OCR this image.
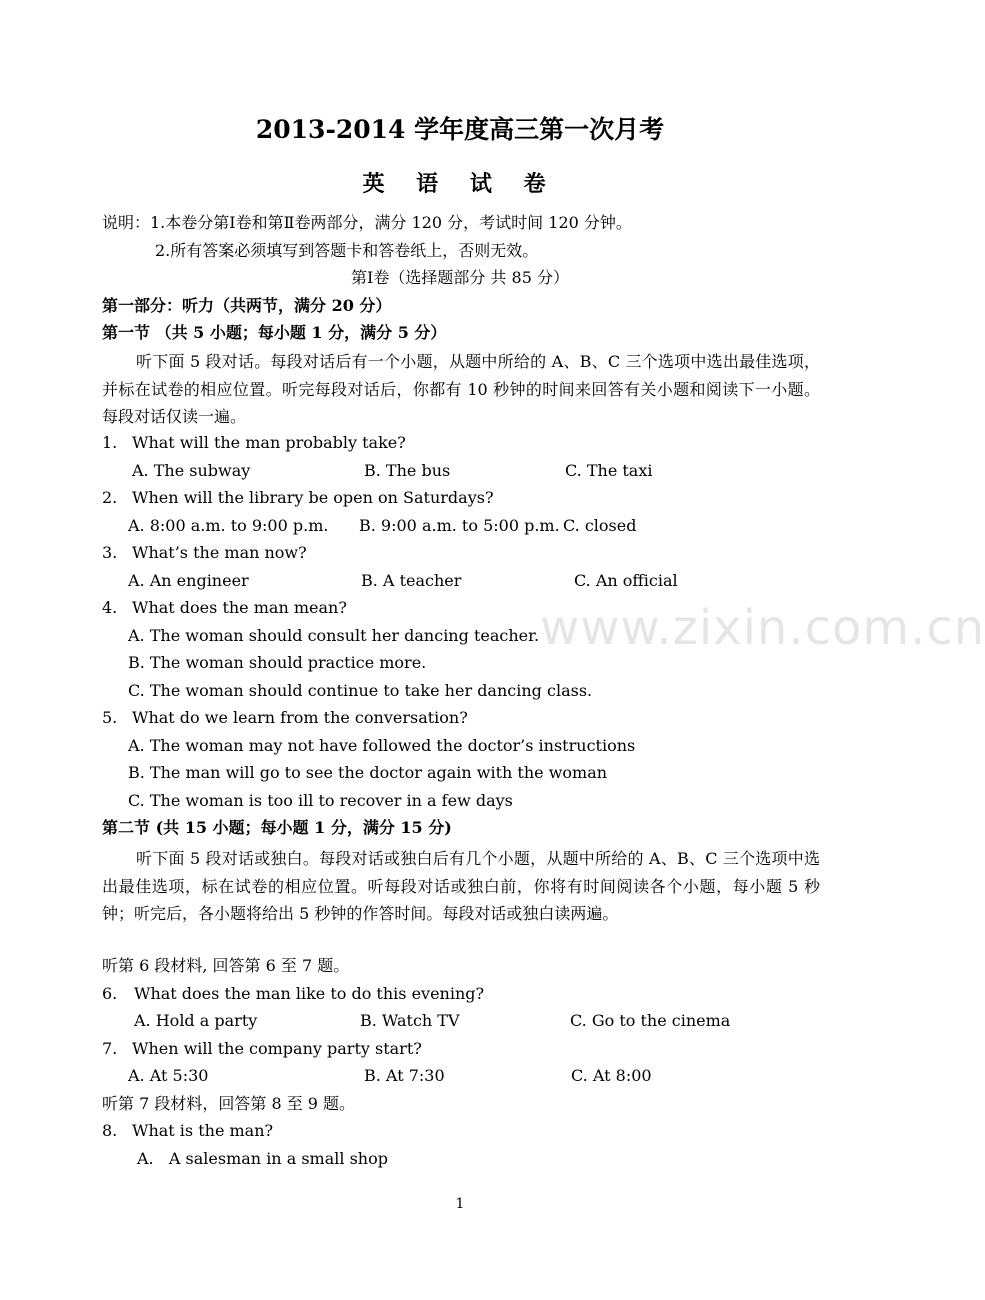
2013-2014 学年度高三第一次月考
英 语 试 卷
说明：1.本卷分第Ⅰ卷和第Ⅱ卷两部分，满分 120 分，考试时间 120 分钟。
2.所有答案必须填写到答题卡和答卷纸上，否则无效。
第Ⅰ卷（选择题部分 共 85 分）
第一部分：听力（共两节，满分 20 分）
第一节 （共 5 小题；每小题 1 分，满分 5 分）
听下面 5 段对话。每段对话后有一个小题，从题中所给的 A、B、C 三个选项中选出最佳选项，并标在试卷的相应位置。听完每段对话后，你都有 10 秒钟的时间来回答有关小题和阅读下一小题。每段对话仅读一遍。
1. What will the man probably take?
A. The subway	B. The bus	C. The taxi
2. When will the library be open on Saturdays?
A. 8:00 a.m. to 9:00 p.m. B. 9:00 a.m. to 5:00 p.m. C. closed
3. What’s the man now?
A. An engineer	B. A teacher	C. An official
4. What does the man mean?
A. The woman should consult her dancing teacher.
B. The woman should practice more.
C. The woman should continue to take her dancing class.
5. What do we learn from the conversation?
A. The woman may not have followed the doctor’s instructions
B. The man will go to see the doctor again with the woman
C. The woman is too ill to recover in a few days
第二节 (共 15 小题；每小题 1 分，满分 15 分)
听下面 5 段对话或独白。每段对话或独白后有几个小题，从题中所给的 A、B、C 三个选项中选出最佳选项，标在试卷的相应位置。听每段对话或独白前，你将有时间阅读各个小题，每小题 5 秒钟；听完后，各小题将给出 5 秒钟的作答时间。每段对话或独白读两遍。
听第 6 段材料, 回答第 6 至 7 题。
6. What does the man like to do this evening?
A. Hold a party	B. Watch TV	C. Go to the cinema
7. When will the company party start?
A. At 5:30	B. At 7:30	C. At 8:00
听第 7 段材料，回答第 8 至 9 题。
8. What is the man?
A.   A salesman in a small shop
www.zixin.com.cn
1
